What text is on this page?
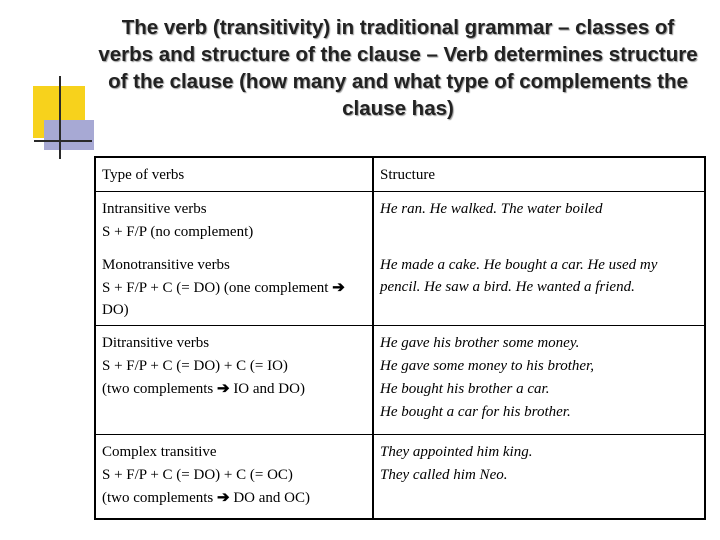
The verb (transitivity) in traditional grammar – classes of verbs and structure of the clause – Verb determines structure of the clause (how many and what type of complements the clause has)
Type of verbs	Structure

Intransitive verbs
S + F/P (no complement)	He ran. He walked. The water boiled

Monotransitive verbs
S + F/P + C (= DO) (one complement ➔ DO)	He made a cake. He bought a car. He used my pencil. He saw a bird. He wanted a friend.

Ditransitive verbs
S + F/P + C (= DO) + C (= IO)
(two complements ➔ IO and DO)	He gave his brother some money.
He gave some money to his brother,
He bought his brother a car.
He bought a car for his brother.

Complex transitive
S + F/P + C (= DO) + C (= OC)
(two complements ➔ DO and OC)	They appointed him king.
They called him Neo.
